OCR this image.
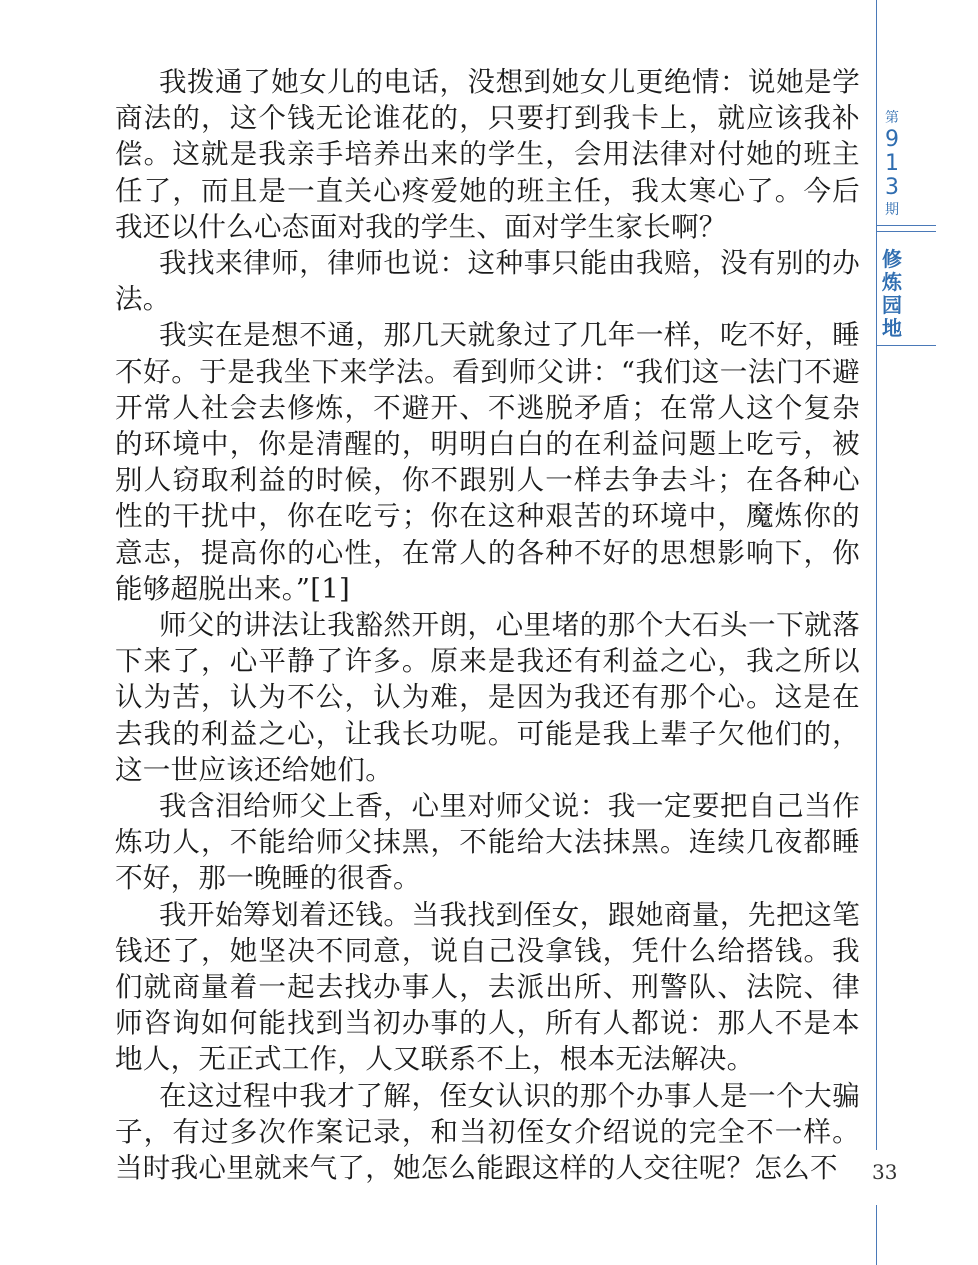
我拨通了她女儿的电话，没想到她女儿更绝情：说她是学商法的，这个钱无论谁花的，只要打到我卡上，就应该我补偿。这就是我亲手培养出来的学生，会用法律对付她的班主任了，而且是一直关心疼爱她的班主任，我太寒心了。今后我还以什么心态面对我的学生、面对学生家长啊？

我找来律师，律师也说：这种事只能由我赔，没有别的办法。

我实在是想不通，那几天就象过了几年一样，吃不好，睡不好。于是我坐下来学法。看到师父讲：“我们这一法门不避开常人社会去修炼，不避开、不逃脱矛盾；在常人这个复杂的环境中，你是清醒的，明明白白的在利益问题上吃亏，被别人窃取利益的时候，你不跟别人一样去争去斗；在各种心性的干扰中，你在吃亏；你在这种艰苦的环境中，魔炼你的意志，提高你的心性，在常人的各种不好的思想影响下，你能够超脱出来。”[1]

师父的讲法让我豁然开朗，心里堵的那个大石头一下就落下来了，心平静了许多。原来是我还有利益之心，我之所以认为苦，认为不公，认为难，是因为我还有那个心。这是在去我的利益之心，让我长功呢。可能是我上辈子欠他们的，这一世应该还给她们。

我含泪给师父上香，心里对师父说：我一定要把自己当作炼功人，不能给师父抹黑，不能给大法抹黑。连续几夜都睡不好，那一晚睡的很香。

我开始筹划着还钱。当我找到侄女，跟她商量，先把这笔钱还了，她坚决不同意，说自己没拿钱，凭什么给搭钱。我们就商量着一起去找办事人，去派出所、刑警队、法院、律师咨询如何能找到当初办事的人，所有人都说：那人不是本地人，无正式工作，人又联系不上，根本无法解决。

在这过程中我才了解，侄女认识的那个办事人是一个大骗子，有过多次作案记录，和当初侄女介绍说的完全不一样。当时我心里就来气了，她怎么能跟这样的人交往呢？怎么不

第
9
1
3
期
修
炼
园
地
33
